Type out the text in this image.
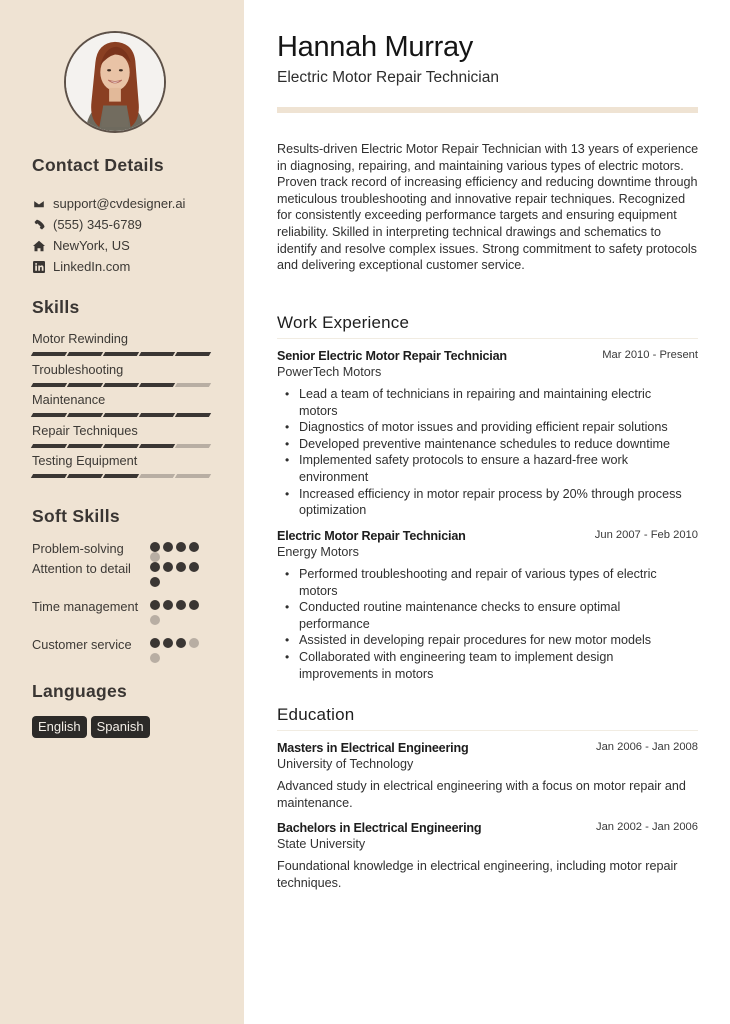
Contact Details
support@cvdesigner.ai
(555) 345-6789
NewYork, US
LinkedIn.com
Skills
Motor Rewinding
Troubleshooting
Maintenance
Repair Techniques
Testing Equipment
Soft Skills
Problem-solving
Attention to detail
Time management
Customer service
Languages
English	Spanish
Hannah Murray
Electric Motor Repair Technician

Results-driven Electric Motor Repair Technician with 13 years of experience in diagnosing, repairing, and maintaining various types of electric motors. Proven track record of increasing efficiency and reducing downtime through meticulous troubleshooting and innovative repair techniques. Recognized for consistently exceeding performance targets and ensuring equipment reliability. Skilled in interpreting technical drawings and schematics to identify and resolve complex issues. Strong commitment to safety protocols and delivering exceptional customer service.

Work Experience
Senior Electric Motor Repair Technician	Mar 2010 - Present
PowerTech Motors
• Lead a team of technicians in repairing and maintaining electric motors
• Diagnostics of motor issues and providing efficient repair solutions
• Developed preventive maintenance schedules to reduce downtime
• Implemented safety protocols to ensure a hazard-free work environment
• Increased efficiency in motor repair process by 20% through process optimization
Electric Motor Repair Technician	Jun 2007 - Feb 2010
Energy Motors
• Performed troubleshooting and repair of various types of electric motors
• Conducted routine maintenance checks to ensure optimal performance
• Assisted in developing repair procedures for new motor models
• Collaborated with engineering team to implement design improvements in motors
Education
Masters in Electrical Engineering	Jan 2006 - Jan 2008
University of Technology

Advanced study in electrical engineering with a focus on motor repair and maintenance.

Bachelors in Electrical Engineering	Jan 2002 - Jan 2006
State University

Foundational knowledge in electrical engineering, including motor repair techniques.
